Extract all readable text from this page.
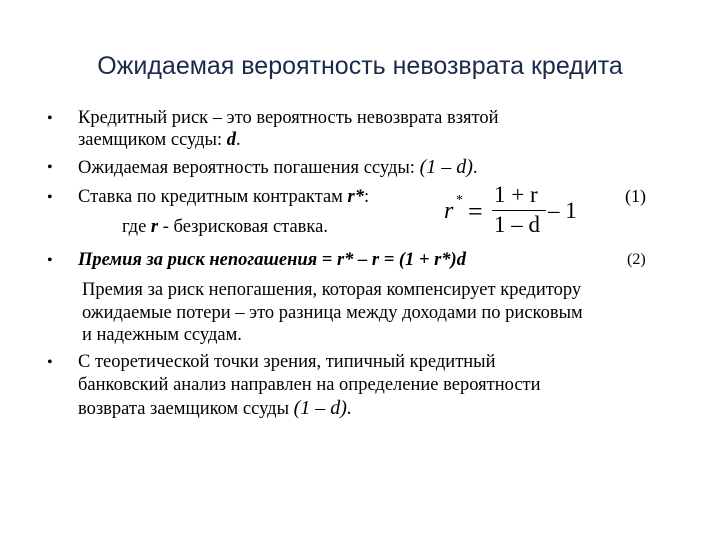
Ожидаемая вероятность невозврата кредита
• Кредитный риск – это вероятность невозврата взятой
заемщиком ссуды: d.
• Ожидаемая вероятность погашения ссуды: (1 – d).
• Ставка по кредитным контрактам r*:
где r - безрисковая ставка.
r * =
1 + r
1 – d
– 1
(1)
• Премия за риск непогашения = r* – r = (1 + r*)d	(2)
Премия за риск непогашения, которая компенсирует кредитору
ожидаемые потери – это разница между доходами по рисковым
и надежным ссудам.
• С теоретической точки зрения, типичный кредитный
банковский анализ направлен на определение вероятности
возврата заемщиком ссуды (1 – d).
